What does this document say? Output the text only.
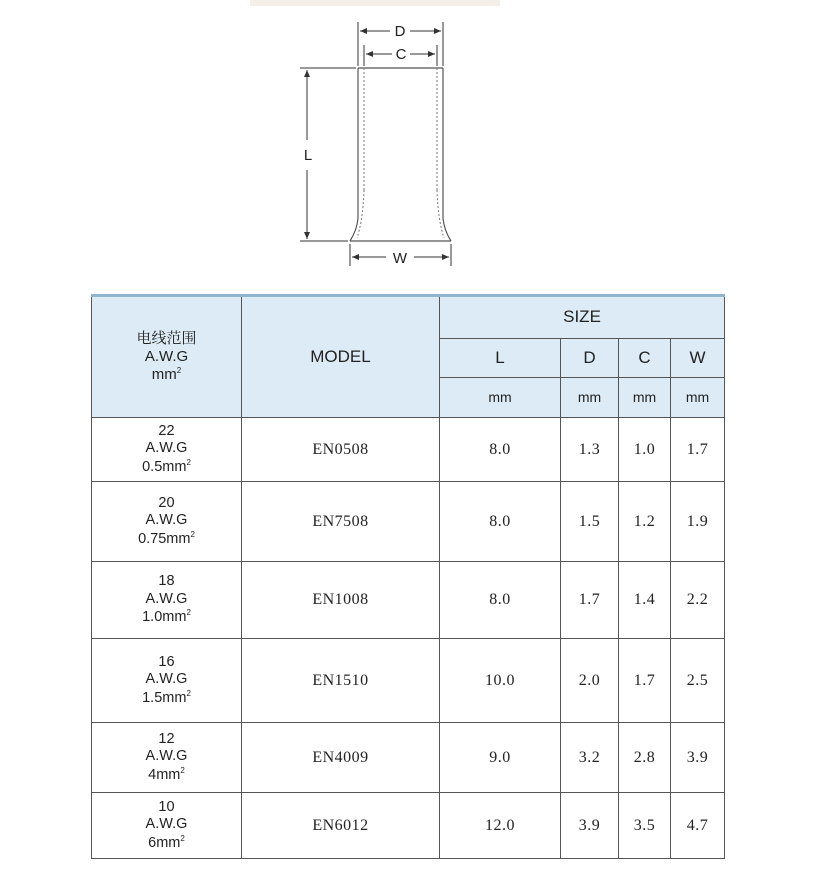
D
C
L
W
电线范围
A.W.G
$mm^2$	MODEL	SIZE			
		L	D	C	W
		mm	mm	mm	mm

22
A.W.G
$0.5mm^2$	EN0508	8.0	1.3	1.0	1.7

20
A.W.G
$0.75mm^2$	EN7508	8.0	1.5	1.2	1.9

18
A.W.G
$1.0mm^2$	EN1008	8.0	1.7	1.4	2.2

16
A.W.G
$1.5mm^2$	EN1510	10.0	2.0	1.7	2.5

12
A.W.G
$4mm^2$	EN4009	9.0	3.2	2.8	3.9

10
A.W.G
$6mm^2$	EN6012	12.0	3.9	3.5	4.7
